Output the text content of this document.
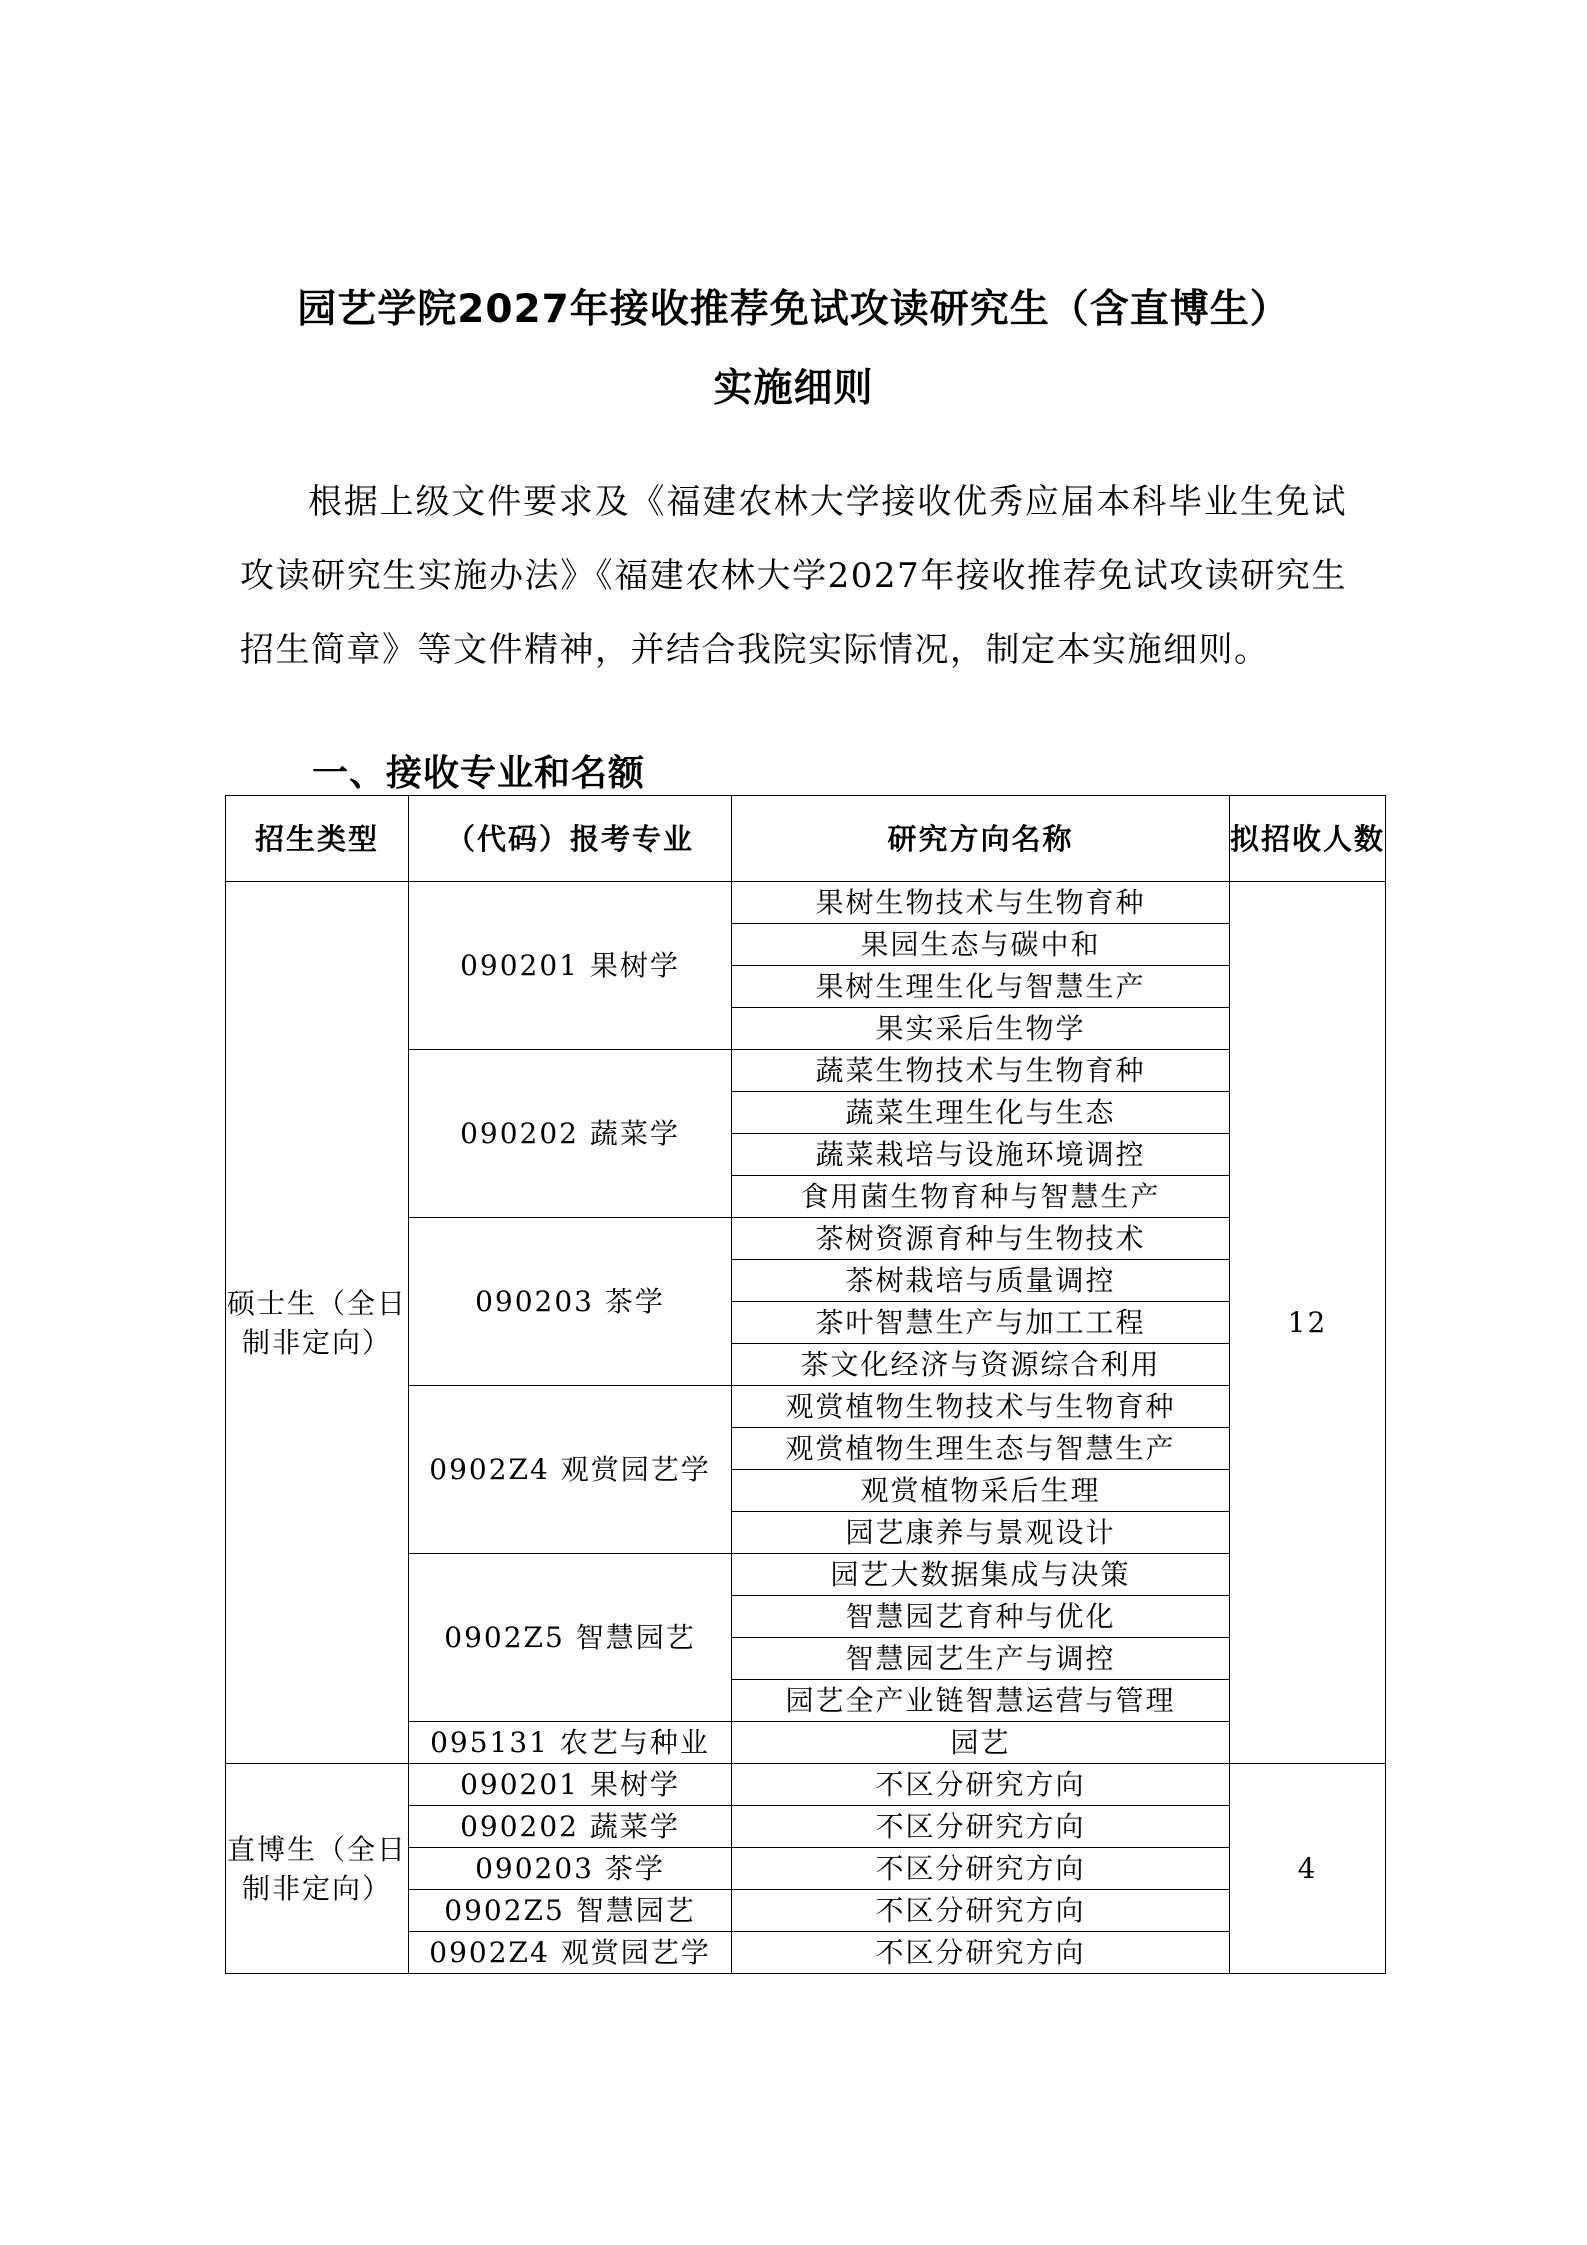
园艺学院2027年接收推荐免试攻读研究生（含直博生）
实施细则

根据上级文件要求及《福建农林大学接收优秀应届本科毕业生免试攻读研究生实施办法》《福建农林大学2027年接收推荐免试攻读研究生招生简章》等文件精神，并结合我院实际情况，制定本实施细则。

一、接收专业和名额
招生类型	（代码）报考专业	研究方向名称	拟招收人数
硕士生（全日制非定向）	090201 果树学	果树生物技术与生物育种	12
		果园生态与碳中和	
		果树生理生化与智慧生产	
		果实采后生物学	
	090202 蔬菜学	蔬菜生物技术与生物育种	
		蔬菜生理生化与生态	
		蔬菜栽培与设施环境调控	
		食用菌生物育种与智慧生产	
	090203 茶学	茶树资源育种与生物技术	
		茶树栽培与质量调控	
		茶叶智慧生产与加工工程	
		茶文化经济与资源综合利用	
	0902Z4 观赏园艺学	观赏植物生物技术与生物育种	
		观赏植物生理生态与智慧生产	
		观赏植物采后生理	
		园艺康养与景观设计	
	0902Z5 智慧园艺	园艺大数据集成与决策	
		智慧园艺育种与优化	
		智慧园艺生产与调控	
		园艺全产业链智慧运营与管理	
	095131 农艺与种业	园艺	
直博生（全日制非定向）	090201 果树学	不区分研究方向	4
	090202 蔬菜学	不区分研究方向	
	090203 茶学	不区分研究方向	
	0902Z5 智慧园艺	不区分研究方向	
	0902Z4 观赏园艺学	不区分研究方向	
